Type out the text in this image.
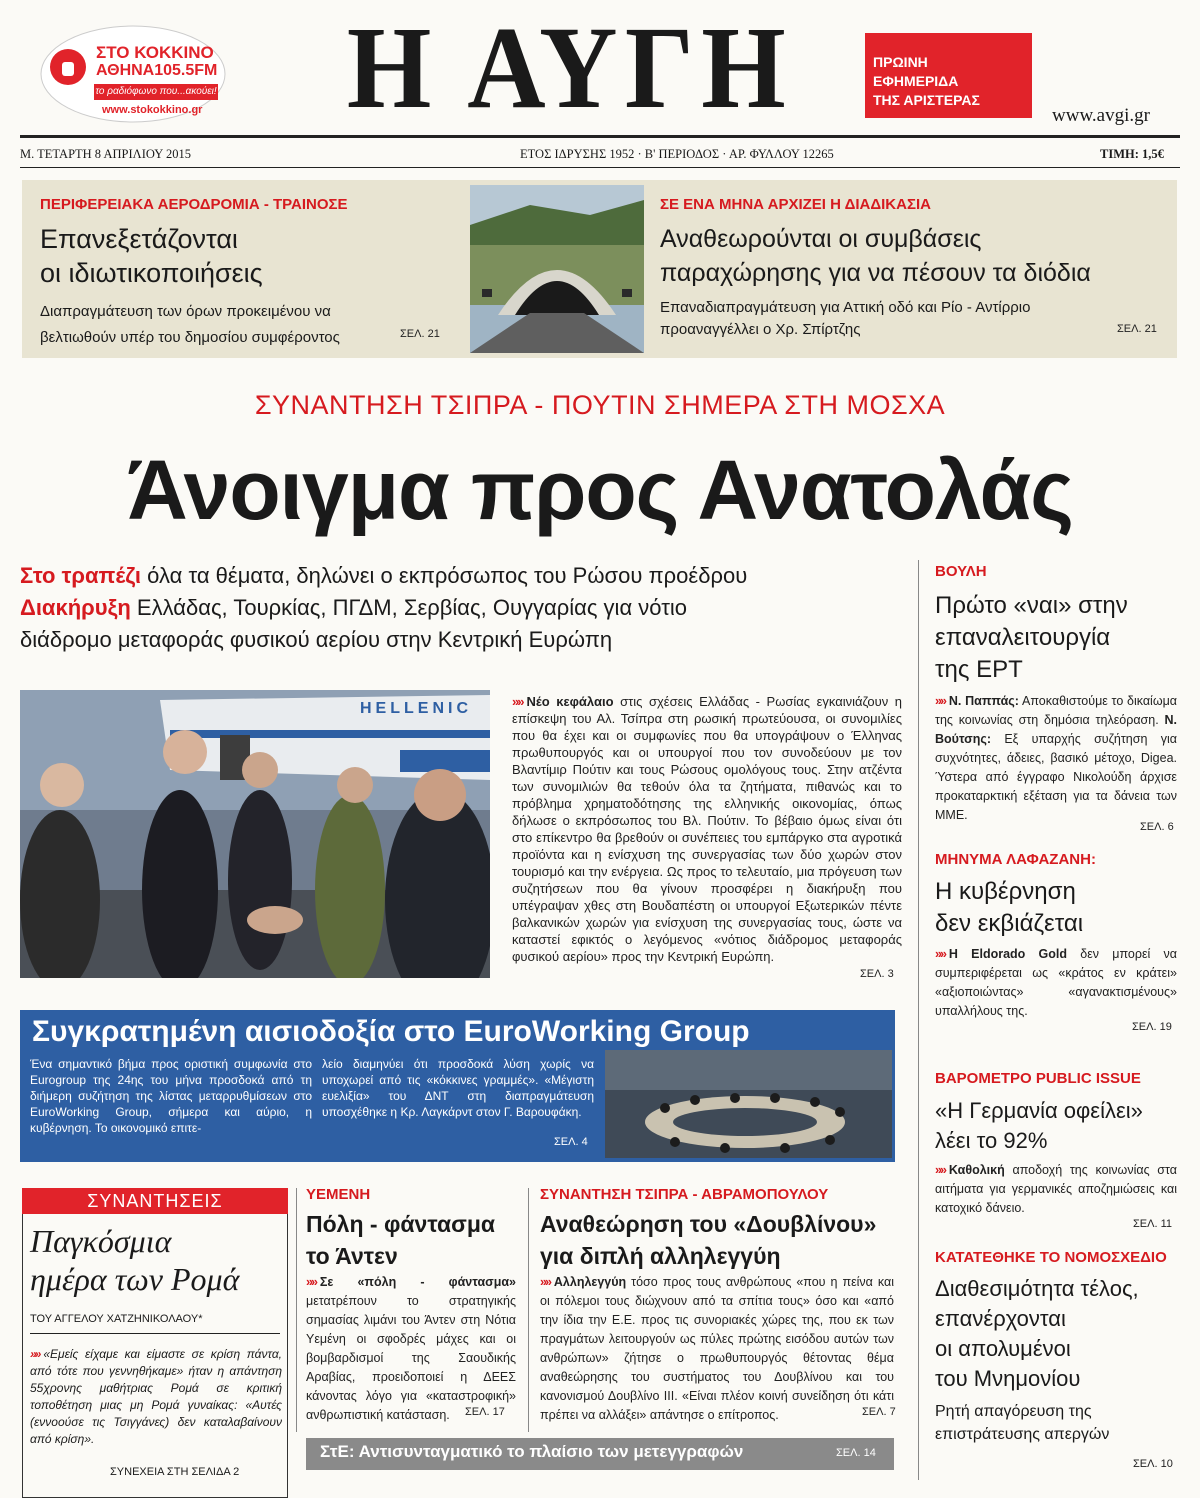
ΣΤΟ ΚΟΚΚΙΝΟ
ΑΘΗΝΑ105.5FM
το ραδιόφωνο που...ακούει!
www.stokokkino.gr Η ΑΥΓΗ	ΠΡΩΙΝΗ
ΕΦΗΜΕΡΙΔΑ
ΤΗΣ ΑΡΙΣΤΕΡΑΣ
www.avgi.gr
Μ. ΤΕΤΑΡΤΗ 8 ΑΠΡΙΛΙΟΥ 2015	ΕΤΟΣ ΙΔΡΥΣΗΣ 1952 · Β' ΠΕΡΙΟΔΟΣ · ΑΡ. ΦΥΛΛΟΥ 12265	ΤΙΜΗ: 1,5€
ΠΕΡΙΦΕΡΕΙΑΚΑ ΑΕΡΟΔΡΟΜΙΑ - ΤΡΑΙΝΟΣΕ
Επανεξετάζονται
οι ιδιωτικοποιήσεις
Διαπραγμάτευση των όρων προκειμένου να
βελτιωθούν υπέρ του δημοσίου συμφέροντος	ΣΕΛ. 21
ΣΕ ΕΝΑ ΜΗΝΑ ΑΡΧΙΖΕΙ Η ΔΙΑΔΙΚΑΣΙΑ
Αναθεωρούνται οι συμβάσεις
παραχώρησης για να πέσουν τα διόδια
Επαναδιαπραγμάτευση για Αττική οδό και Ρίο - Αντίρριο
προαναγγέλλει ο Χρ. Σπίρτζης	ΣΕΛ. 21
ΣΥΝΑΝΤΗΣΗ ΤΣΙΠΡΑ - ΠΟΥΤΙΝ ΣΗΜΕΡΑ ΣΤΗ ΜΟΣΧΑ
Άνοιγμα προς Ανατολάς
Στο τραπέζι όλα τα θέματα, δηλώνει ο εκπρόσωπος του Ρώσου προέδρου
Διακήρυξη Ελλάδας, Τουρκίας, ΠΓΔΜ, Σερβίας, Ουγγαρίας για νότιο
διάδρομο μεταφοράς φυσικού αερίου στην Κεντρική Ευρώπη
HELLENIC	»» Νέο κεφάλαιο στις σχέσεις Ελλάδας - Ρωσίας εγκαινιάζουν η επίσκεψη του Αλ. Τσίπρα στη ρωσική πρωτεύουσα, οι συνομιλίες που θα έχει και οι συμφωνίες που θα υπογράψουν ο Έλληνας πρωθυπουργός και οι υπουργοί που τον συνοδεύουν με τον Βλαντίμιρ Πούτιν και τους Ρώσους ομολόγους τους. Στην ατζέντα των συνομιλιών θα τεθούν όλα τα ζητήματα, πιθανώς και το πρόβλημα χρηματοδότησης της ελληνικής οικονομίας, όπως δήλωσε ο εκπρόσωπος του Βλ. Πούτιν. Το βέβαιο όμως είναι ότι στο επίκεντρο θα βρεθούν οι συνέπειες του εμπάργκο στα αγροτικά προϊόντα και η ενίσχυση της συνεργασίας των δύο χωρών στον τουρισμό και την ενέργεια. Ως προς το τελευταίο, μια πρόγευση των συζητήσεων που θα γίνουν προσφέρει η διακήρυξη που υπέγραψαν χθες στη Βουδαπέστη οι υπουργοί Εξωτερικών πέντε βαλκανικών χωρών για ενίσχυση της συνεργασίας τους, ώστε να καταστεί εφικτός ο λεγόμενος «νότιος διάδρομος μεταφοράς φυσικού αερίου» προς την Κεντρική Ευρώπη.
ΣΕΛ. 3
Συγκρατημένη αισιοδοξία στο EuroWorking Group
Ένα σημαντικό βήμα προς οριστική συμφωνία στο Eurogroup της 24ης του μήνα προσδοκά από τη διήμερη συζήτηση της λίστας μεταρρυθμίσεων στο EuroWorking Group, σήμερα και αύριο, η κυβέρνηση. Το οικονομικό επιτε-
λείο διαμηνύει ότι προσδοκά λύση χωρίς να υποχωρεί από τις «κόκκινες γραμμές». «Μέγιστη ευελιξία» του ΔΝΤ στη διαπραγμάτευση υποσχέθηκε η Κρ. Λαγκάρντ στον Γ. Βαρουφάκη.
ΣΕΛ. 4
ΣΥΝΑΝΤΗΣΕΙΣ
Παγκόσμια
ημέρα των Ρομά
ΤΟΥ ΑΓΓΕΛΟΥ ΧΑΤΖΗΝΙΚΟΛΑΟΥ*
»» «Εμείς είχαμε και είμαστε σε κρίση πάντα, από τότε που γεννηθήκαμε» ήταν η απάντηση 55χρονης μαθήτριας Ρομά σε κριτική τοποθέτηση μιας μη Ρομά γυναίκας: «Αυτές (εννοούσε τις Τσιγγάνες) δεν καταλαβαίνουν από κρίση».
ΣΥΝΕΧΕΙΑ ΣΤΗ ΣΕΛΙΔΑ 2
ΥΕΜΕΝΗ
Πόλη - φάντασμα
το Άντεν
»» Σε «πόλη - φάντασμα» μετατρέπουν το στρατηγικής σημασίας λιμάνι του Άντεν στη Νότια Υεμένη οι σφοδρές μάχες και οι βομβαρδισμοί της Σαουδικής Αραβίας, προειδοποιεί η ΔΕΕΣ κάνοντας λόγο για «καταστροφική» ανθρωπιστική κατάσταση.	ΣΕΛ. 17
ΣΥΝΑΝΤΗΣΗ ΤΣΙΠΡΑ - ΑΒΡΑΜΟΠΟΥΛΟΥ
Αναθεώρηση του «Δουβλίνου»
για διπλή αλληλεγγύη
»» Αλληλεγγύη τόσο προς τους ανθρώπους «που η πείνα και οι πόλεμοι τους διώχνουν από τα σπίτια τους» όσο και «από την ίδια την Ε.Ε. προς τις συνοριακές χώρες της, που εκ των πραγμάτων λειτουργούν ως πύλες πρώτης εισόδου αυτών των ανθρώπων» ζήτησε ο πρωθυπουργός θέτοντας θέμα αναθεώρησης του συστήματος του Δουβλίνου και του κανονισμού Δουβλίνο ΙΙΙ. «Είναι πλέον κοινή συνείδηση ότι κάτι πρέπει να αλλάξει» απάντησε ο επίτροπος.	ΣΕΛ. 7
ΣτΕ: Αντισυνταγματικό το πλαίσιο των μετεγγραφών	ΣΕΛ. 14
ΒΟΥΛΗ
Πρώτο «ναι» στην
επαναλειτουργία
της ΕΡΤ
»» Ν. Παππάς: Αποκαθιστούμε το δικαίωμα της κοινωνίας στη δημόσια τηλεόραση. Ν. Βούτσης: Εξ υπαρχής συζήτηση για συχνότητες, άδειες, βασικό μέτοχο, Digea. Ύστερα από έγγραφο Νικολούδη άρχισε προκαταρκτική εξέταση για τα δάνεια των ΜΜΕ.
ΣΕΛ. 6
ΜΗΝΥΜΑ ΛΑΦΑΖΑΝΗ:
Η κυβέρνηση
δεν εκβιάζεται
»» Η Eldorado Gold δεν μπορεί να συμπεριφέρεται ως «κράτος εν κράτει» «αξιοποιώντας» «αγανακτισμένους» υπαλλήλους της.
ΣΕΛ. 19
ΒΑΡΟΜΕΤΡΟ PUBLIC ISSUE
«Η Γερμανία οφείλει»
λέει το 92%
»» Καθολική αποδοχή της κοινωνίας στα αιτήματα για γερμανικές αποζημιώσεις και κατοχικό δάνειο.
ΣΕΛ. 11
ΚΑΤΑΤΕΘΗΚΕ ΤΟ ΝΟΜΟΣΧΕΔΙΟ
Διαθεσιμότητα τέλος,
επανέρχονται
οι απολυμένοι
του Μνημονίου
Ρητή απαγόρευση της
επιστράτευσης απεργών
ΣΕΛ. 10
